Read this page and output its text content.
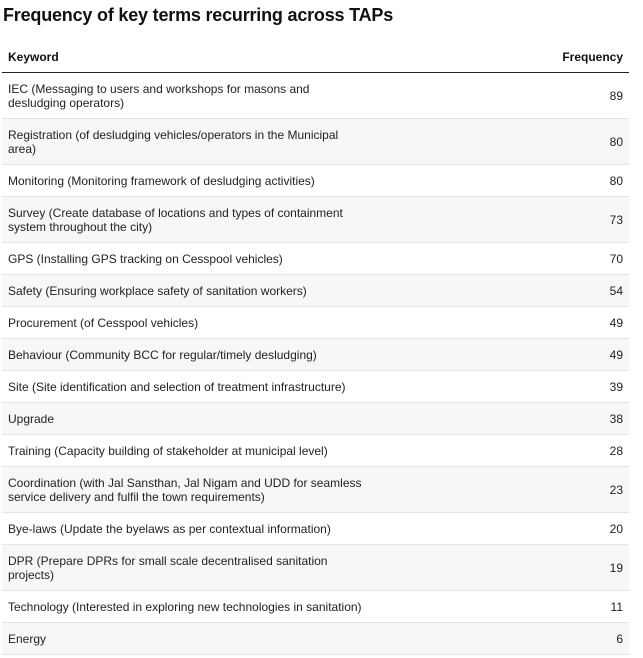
Frequency of key terms recurring across TAPs
Keyword	Frequency

IEC (Messaging to users and workshops for masons and desludging operators)	89

Registration (of desludging vehicles/operators in the Municipal area)	80

Monitoring (Monitoring framework of desludging activities)	80

Survey (Create database of locations and types of containment system throughout the city)	73

GPS (Installing GPS tracking on Cesspool vehicles)	70

Safety (Ensuring workplace safety of sanitation workers)	54

Procurement (of Cesspool vehicles)	49

Behaviour (Community BCC for regular/timely desludging)	49

Site (Site identification and selection of treatment infrastructure)	39

Upgrade	38

Training (Capacity building of stakeholder at municipal level)	28

Coordination (with Jal Sansthan, Jal Nigam and UDD for seamless service delivery and fulfil the town requirements)	23

Bye-laws (Update the byelaws as per contextual information)	20

DPR (Prepare DPRs for small scale decentralised sanitation projects)	19

Technology (Interested in exploring new technologies in sanitation)	11

Energy	6
